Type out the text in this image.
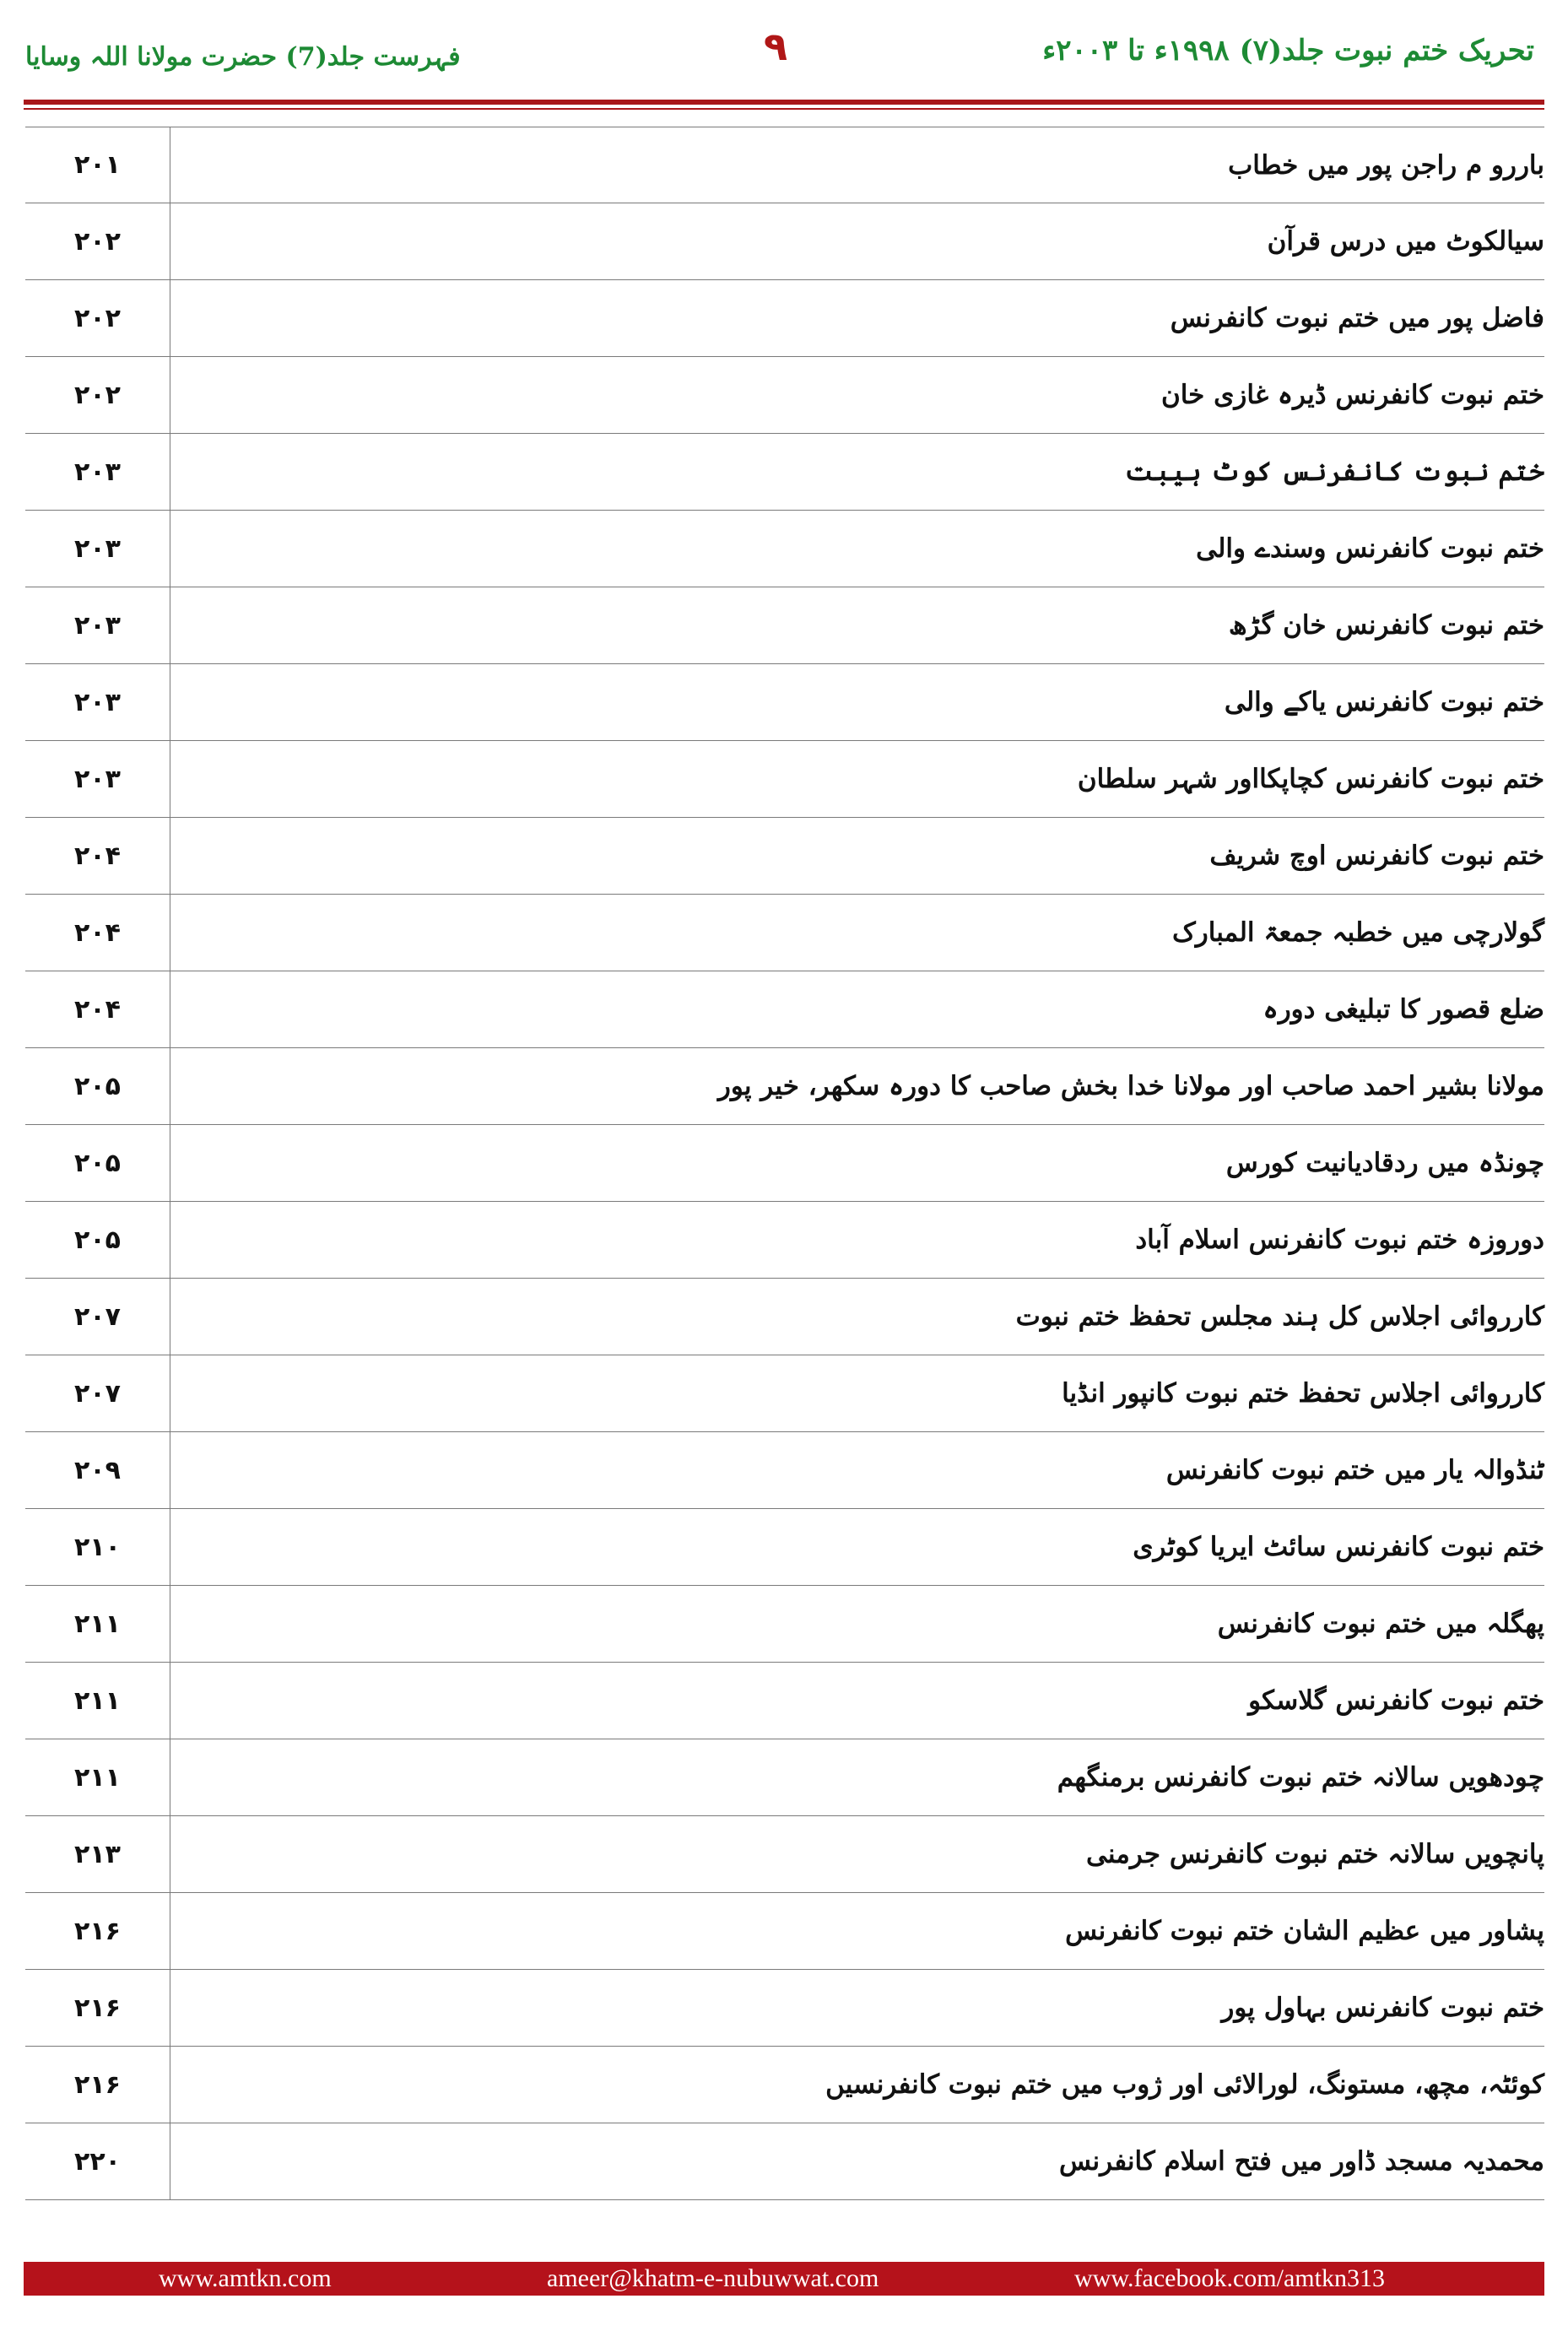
تحریک ختم نبوت جلد(۷) ۱۹۹۸ء تا ۲۰۰۳ء
۹
فہرست جلد(7) حضرت مولانا اللہ وسایا
۲۰۱	باررو م راجن پور میں خطاب
۲۰۲	سیالکوٹ میں درس قرآن
۲۰۲	فاضل پور میں ختم نبوت کانفرنس
۲۰۲	ختم نبوت کانفرنس ڈیرہ غازی خان
۲۰۳	ختم نبوت کانفرنس کوٹ ہیبت
۲۰۳	ختم نبوت کانفرنس وسندے والی
۲۰۳	ختم نبوت کانفرنس خان گڑھ
۲۰۳	ختم نبوت کانفرنس یاکے والی
۲۰۳	ختم نبوت کانفرنس کچاپکااور شہر سلطان
۲۰۴	ختم نبوت کانفرنس اوچ شریف
۲۰۴	گولارچی میں خطبہ جمعۃ المبارک
۲۰۴	ضلع قصور کا تبلیغی دورہ
۲۰۵	مولانا بشیر احمد صاحب اور مولانا خدا بخش صاحب کا دورہ سکھر، خیر پور
۲۰۵	چونڈہ میں ردقادیانیت کورس
۲۰۵	دوروزہ ختم نبوت کانفرنس اسلام آباد
۲۰۷	کارروائی اجلاس کل ہند مجلس تحفظ ختم نبوت
۲۰۷	کارروائی اجلاس تحفظ ختم نبوت کانپور انڈیا
۲۰۹	ٹنڈوالہ یار میں ختم نبوت کانفرنس
۲۱۰	ختم نبوت کانفرنس سائٹ ایریا کوٹری
۲۱۱	پھگلہ میں ختم نبوت کانفرنس
۲۱۱	ختم نبوت کانفرنس گلاسکو
۲۱۱	چودھویں سالانہ ختم نبوت کانفرنس برمنگھم
۲۱۳	پانچویں سالانہ ختم نبوت کانفرنس جرمنی
۲۱۶	پشاور میں عظیم الشان ختم نبوت کانفرنس
۲۱۶	ختم نبوت کانفرنس بہاول پور
۲۱۶	کوئٹہ، مچھ، مستونگ، لورالائی اور ژوب میں ختم نبوت کانفرنسیں
۲۲۰	محمدیہ مسجد ڈاور میں فتح اسلام کانفرنس
www.amtkn.com	ameer@khatm-e-nubuwwat.com	www.facebook.com/amtkn313
